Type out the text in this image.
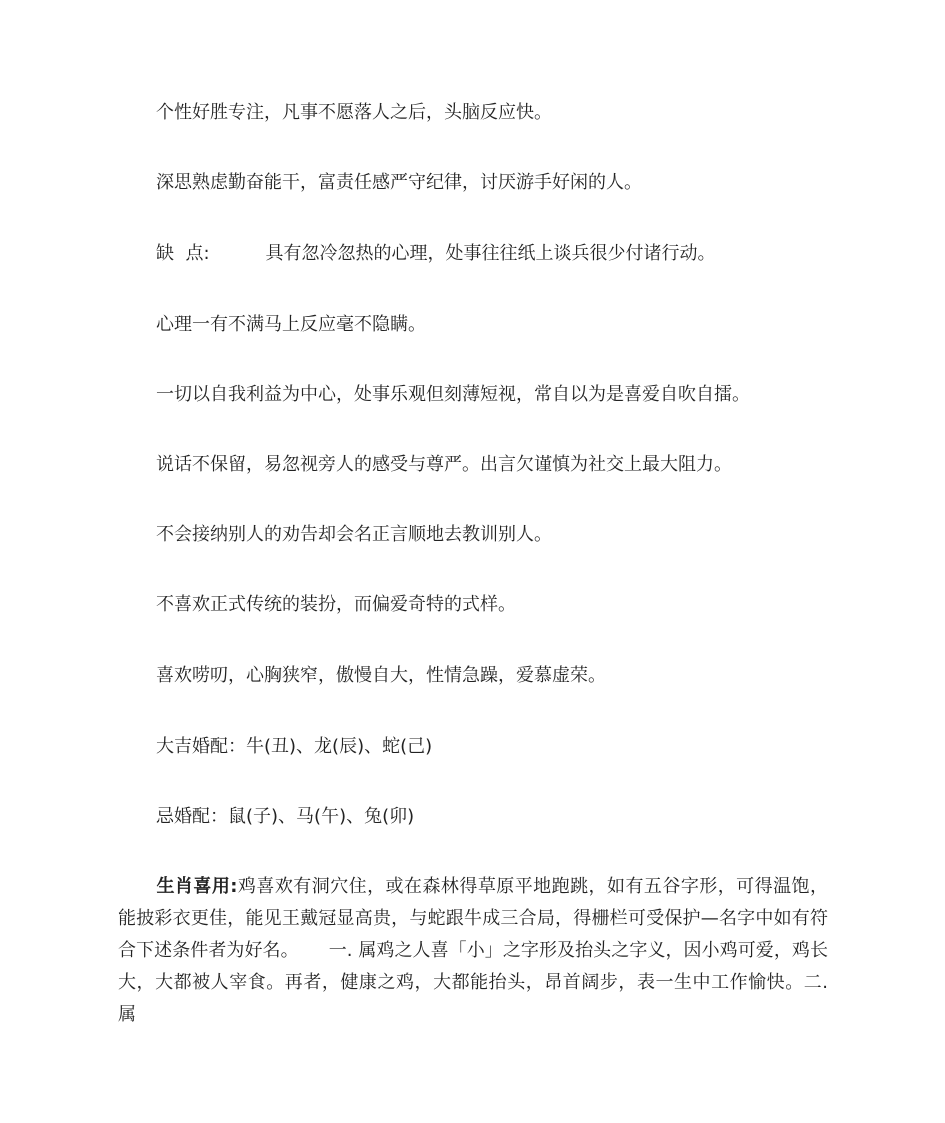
个性好胜专注，凡事不愿落人之后，头脑反应快。
深思熟虑勤奋能干，富责任感严守纪律，讨厌游手好闲的人。
缺  点:	具有忽冷忽热的心理，处事往往纸上谈兵很少付诸行动。
心理一有不满马上反应毫不隐瞒。
一切以自我利益为中心，处事乐观但刻薄短视，常自以为是喜爱自吹自擂。
说话不保留，易忽视旁人的感受与尊严。出言欠谨慎为社交上最大阻力。
不会接纳别人的劝告却会名正言顺地去教训别人。
不喜欢正式传统的装扮，而偏爱奇特的式样。
喜欢唠叨，心胸狭窄，傲慢自大，性情急躁，爱慕虚荣。
大吉婚配：牛(丑)、龙(辰)、蛇(己)
忌婚配：鼠(子)、马(午)、兔(卯)
生肖喜用:鸡喜欢有洞穴住，或在森林得草原平地跑跳，如有五谷字形，可得温饱，能披彩衣更佳，能见王戴冠显高贵，与蛇跟牛成三合局，得栅栏可受保护—名字中如有符合下述条件者为好名。 一. 属鸡之人喜「小」之字形及抬头之字义，因小鸡可爱，鸡长大，大都被人宰食。再者，健康之鸡，大都能抬头，昂首阔步，表一生中工作愉快。二. 属
